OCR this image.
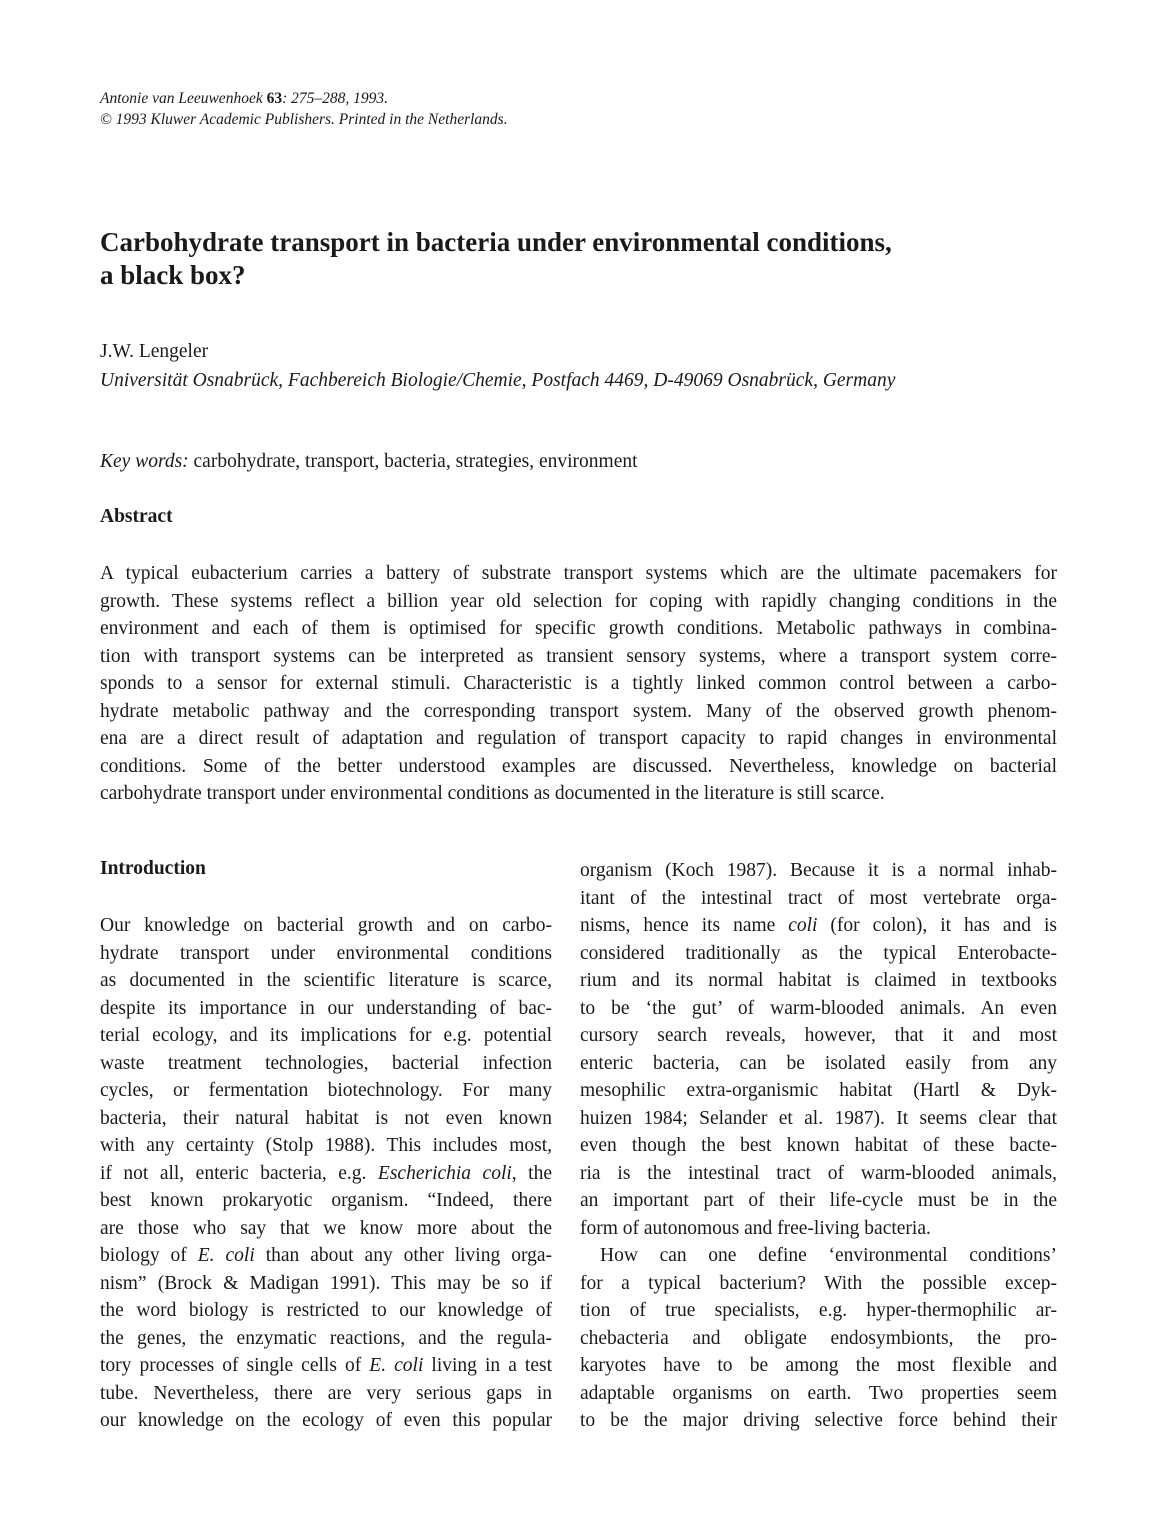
Antonie van Leeuwenhoek 63: 275–288, 1993.
© 1993 Kluwer Academic Publishers. Printed in the Netherlands.
Carbohydrate transport in bacteria under environmental conditions,
a black box?
J.W. Lengeler
Universität Osnabrück, Fachbereich Biologie/Chemie, Postfach 4469, D-49069 Osnabrück, Germany
Key words: carbohydrate, transport, bacteria, strategies, environment
Abstract
A typical eubacterium carries a battery of substrate transport systems which are the ultimate pacemakers for
growth. These systems reflect a billion year old selection for coping with rapidly changing conditions in the
environment and each of them is optimised for specific growth conditions. Metabolic pathways in combina-
tion with transport systems can be interpreted as transient sensory systems, where a transport system corre-
sponds to a sensor for external stimuli. Characteristic is a tightly linked common control between a carbo-
hydrate metabolic pathway and the corresponding transport system. Many of the observed growth phenom-
ena are a direct result of adaptation and regulation of transport capacity to rapid changes in environmental
conditions. Some of the better understood examples are discussed. Nevertheless, knowledge on bacterial
carbohydrate transport under environmental conditions as documented in the literature is still scarce.
Introduction
Our knowledge on bacterial growth and on carbo-
hydrate transport under environmental conditions
as documented in the scientific literature is scarce,
despite its importance in our understanding of bac-
terial ecology, and its implications for e.g. potential
waste treatment technologies, bacterial infection
cycles, or fermentation biotechnology. For many
bacteria, their natural habitat is not even known
with any certainty (Stolp 1988). This includes most,
if not all, enteric bacteria, e.g. Escherichia coli, the
best known prokaryotic organism. “Indeed, there
are those who say that we know more about the
biology of E. coli than about any other living orga-
nism” (Brock & Madigan 1991). This may be so if
the word biology is restricted to our knowledge of
the genes, the enzymatic reactions, and the regula-
tory processes of single cells of E. coli living in a test
tube. Nevertheless, there are very serious gaps in
our knowledge on the ecology of even this popular
organism (Koch 1987). Because it is a normal inhab-
itant of the intestinal tract of most vertebrate orga-
nisms, hence its name coli (for colon), it has and is
considered traditionally as the typical Enterobacte-
rium and its normal habitat is claimed in textbooks
to be ‘the gut’ of warm-blooded animals. An even
cursory search reveals, however, that it and most
enteric bacteria, can be isolated easily from any
mesophilic extra-organismic habitat (Hartl & Dyk-
huizen 1984; Selander et al. 1987). It seems clear that
even though the best known habitat of these bacte-
ria is the intestinal tract of warm-blooded animals,
an important part of their life-cycle must be in the
form of autonomous and free-living bacteria.
How can one define ‘environmental conditions’
for a typical bacterium? With the possible excep-
tion of true specialists, e.g. hyper-thermophilic ar-
chebacteria and obligate endosymbionts, the pro-
karyotes have to be among the most flexible and
adaptable organisms on earth. Two properties seem
to be the major driving selective force behind their
